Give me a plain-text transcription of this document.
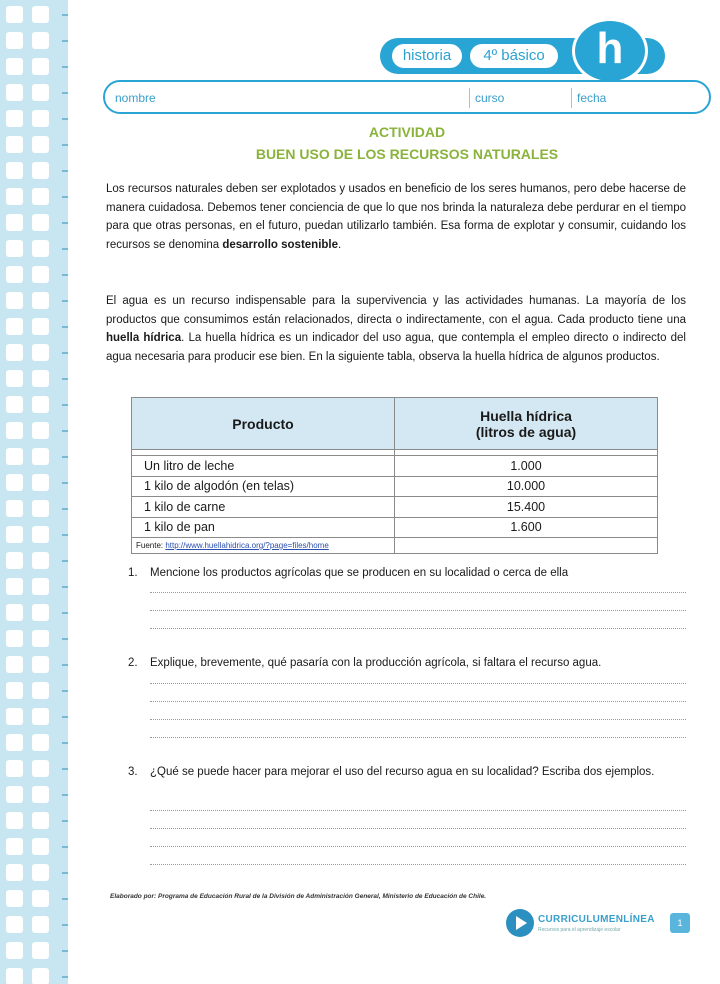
historia	4º básico	h
nombre	curso	fecha
ACTIVIDAD
BUEN USO DE LOS RECURSOS NATURALES
Los recursos naturales deben ser explotados y usados en beneficio de los seres humanos, pero debe hacerse de manera cuidadosa. Debemos tener conciencia de que lo que nos brinda la naturaleza debe perdurar en el tiempo para que otras personas, en el futuro, puedan utilizarlo también. Esa forma de explotar y consumir, cuidando los recursos se denomina desarrollo sostenible.
El agua es un recurso indispensable para la supervivencia y las actividades humanas. La mayoría de los productos que consumimos están relacionados, directa o indirectamente, con el agua. Cada producto tiene una huella hídrica. La huella hídrica es un indicador del uso agua, que contempla el empleo directo o indirecto del agua necesaria para producir ese bien. En la siguiente tabla, observa la huella hídrica de algunos productos.
Producto	Huella hídrica
(litros de agua)

Un litro de leche	1.000
1 kilo de algodón (en telas)	10.000
1 kilo de carne	15.400
1 kilo de pan	1.600
Fuente: http://www.huellahidrica.org/?page=files/home	
1. Mencione los productos agrícolas que se producen en su localidad o cerca de ella
2. Explique, brevemente, qué pasaría con la producción agrícola, si faltara el recurso agua.
3. ¿Qué se puede hacer para mejorar el uso del recurso agua en su localidad? Escriba dos ejemplos.
Elaborado por: Programa de Educación Rural de la División de Administración General, Ministerio de Educación de Chile.
CURRICULUMENLÍNEA
Recursos para el aprendizaje escolar
1
